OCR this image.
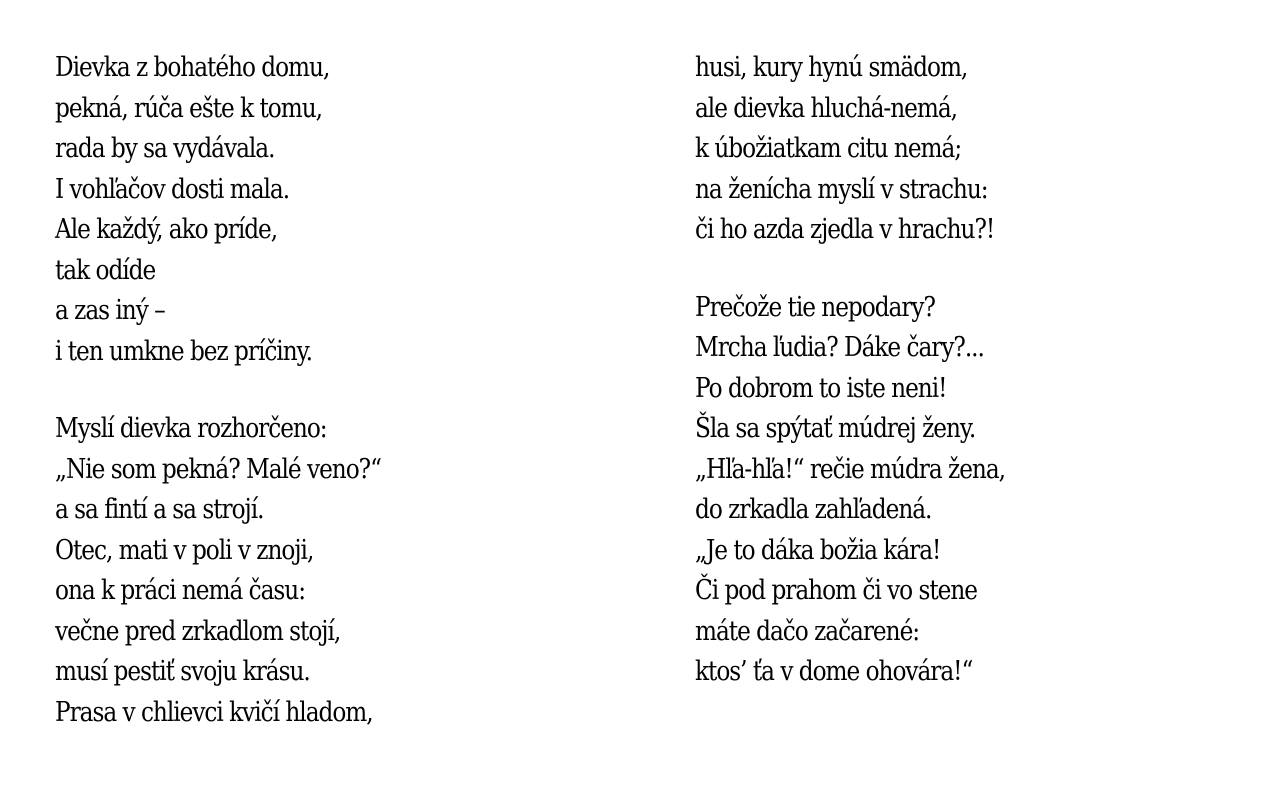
Dievka z bohatého domu,
pekná, rúča ešte k tomu,
rada by sa vydávala.
I vohľačov dosti mala.
Ale každý, ako príde,
tak odíde
a zas iný –
i ten umkne bez príčiny.
Myslí dievka rozhorčeno:
„Nie som pekná? Malé veno?“
a sa fintí a sa strojí.
Otec, mati v poli v znoji,
ona k práci nemá času:
večne pred zrkadlom stojí,
musí pestiť svoju krásu.
Prasa v chlievci kvičí hladom,
husi, kury hynú smädom,
ale dievka hluchá-nemá,
k úbožiatkam citu nemá;
na ženícha myslí v strachu:
či ho azda zjedla v hrachu?!
Prečože tie nepodary?
Mrcha ľudia? Dáke čary?...
Po dobrom to iste neni!
Šla sa spýtať múdrej ženy.
„Hľa-hľa!“ rečie múdra žena,
do zrkadla zahľadená.
„Je to dáka božia kára!
Či pod prahom či vo stene
máte dačo začarené:
ktos’ ťa v dome ohovára!“
